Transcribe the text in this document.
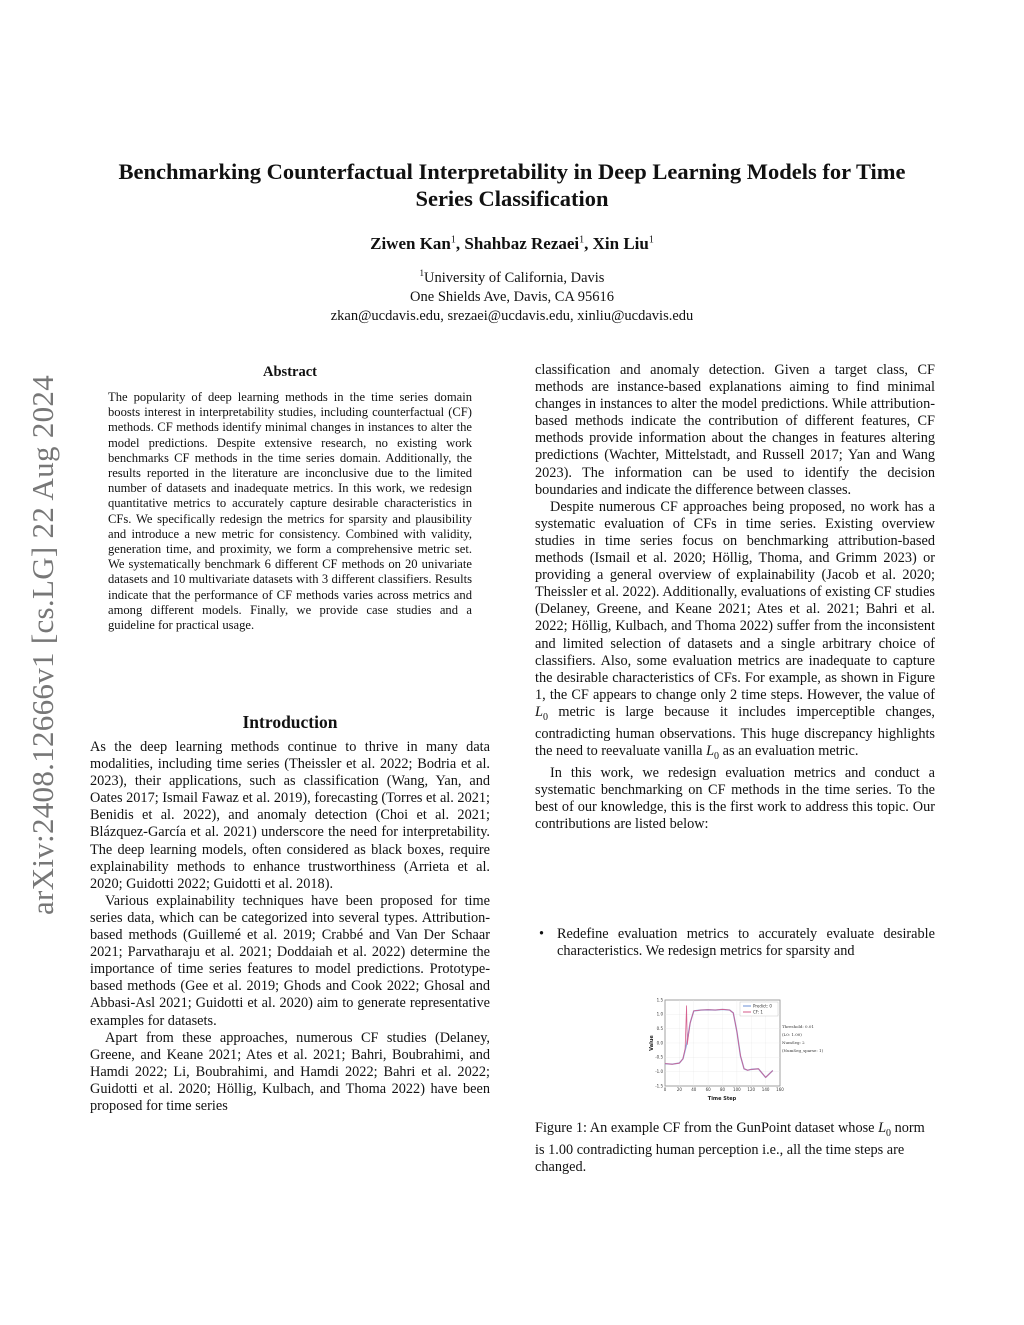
arXiv:2408.12666v1 [cs.LG] 22 Aug 2024
Benchmarking Counterfactual Interpretability in Deep Learning Models for Time
Series Classification
Ziwen Kan$^1$, Shahbaz Rezaei$^1$, Xin Liu$^1$
$^1$University of California, Davis
One Shields Ave, Davis, CA 95616
zkan@ucdavis.edu, srezaei@ucdavis.edu, xinliu@ucdavis.edu
Abstract

The popularity of deep learning methods in the time series domain boosts interest in interpretability studies, including counterfactual (CF) methods. CF methods identify minimal changes in instances to alter the model predictions. Despite extensive research, no existing work benchmarks CF methods in the time series domain. Additionally, the results reported in the literature are inconclusive due to the limited number of datasets and inadequate metrics. In this work, we redesign quantitative metrics to accurately capture desirable characteristics in CFs. We specifically redesign the metrics for sparsity and plausibility and introduce a new metric for consistency. Combined with validity, generation time, and proximity, we form a comprehensive metric set. We systematically benchmark 6 different CF methods on 20 univariate datasets and 10 multivariate datasets with 3 different classifiers. Results indicate that the performance of CF methods varies across metrics and among different models. Finally, we provide case studies and a guideline for practical usage.

Introduction

As the deep learning methods continue to thrive in many data modalities, including time series (Theissler et al. 2022; Bodria et al. 2023), their applications, such as classification (Wang, Yan, and Oates 2017; Ismail Fawaz et al. 2019), forecasting (Torres et al. 2021; Benidis et al. 2022), and anomaly detection (Choi et al. 2021; Blázquez-García et al. 2021) underscore the need for interpretability. The deep learning models, often considered as black boxes, require explainability methods to enhance trustworthiness (Arrieta et al. 2020; Guidotti 2022; Guidotti et al. 2018).

Various explainability techniques have been proposed for time series data, which can be categorized into several types. Attribution-based methods (Guillemé et al. 2019; Crabbé and Van Der Schaar 2021; Parvatharaju et al. 2021; Doddaiah et al. 2022) determine the importance of time series features to model predictions. Prototype-based methods (Gee et al. 2019; Ghods and Cook 2022; Ghosal and Abbasi-Asl 2021; Guidotti et al. 2020) aim to generate representative examples for datasets.

Apart from these approaches, numerous CF studies (Delaney, Greene, and Keane 2021; Ates et al. 2021; Bahri, Boubrahimi, and Hamdi 2022; Li, Boubrahimi, and Hamdi 2022; Bahri et al. 2022; Guidotti et al. 2020; Höllig, Kulbach, and Thoma 2022) have been proposed for time series

classification and anomaly detection. Given a target class, CF methods are instance-based explanations aiming to find minimal changes in instances to alter the model predictions. While attribution-based methods indicate the contribution of different features, CF methods provide information about the changes in features altering predictions (Wachter, Mittelstadt, and Russell 2017; Yan and Wang 2023). The information can be used to identify the decision boundaries and indicate the difference between classes.

Despite numerous CF approaches being proposed, no work has a systematic evaluation of CFs in time series. Existing overview studies in time series focus on benchmarking attribution-based methods (Ismail et al. 2020; Höllig, Thoma, and Grimm 2023) or providing a general overview of explainability (Jacob et al. 2020; Theissler et al. 2022). Additionally, evaluations of existing CF studies (Delaney, Greene, and Keane 2021; Ates et al. 2021; Bahri et al. 2022; Höllig, Kulbach, and Thoma 2022) suffer from the inconsistent and limited selection of datasets and a single arbitrary choice of classifiers. Also, some evaluation metrics are inadequate to capture the desirable characteristics of CFs. For example, as shown in Figure 1, the CF appears to change only 2 time steps. However, the value of $L_0$ metric is large because it includes imperceptible changes, contradicting human observations. This huge discrepancy highlights the need to reevaluate vanilla $L_0$ as an evaluation metric.

In this work, we redesign evaluation metrics and conduct a systematic benchmarking on CF methods in the time series. To the best of our knowledge, this is the first work to address this topic. Our contributions are listed below:

• Redefine evaluation metrics to accurately evaluate desirable characteristics. We redesign metrics for sparsity and
0	20 40 60 80 100 120 140 160
1.5
1.0
0.5
0.0
-0.5
-1.0
-1.5
Time Step
Value
Predict: 0
CF: 1
Threshold: 0.01
(L0: 1.00)
NumSeg: 2
(NumSeg_sparse: 1)
Figure 1: An example CF from the GunPoint dataset whose $L_0$ norm is 1.00 contradicting human perception i.e., all the time steps are changed.
